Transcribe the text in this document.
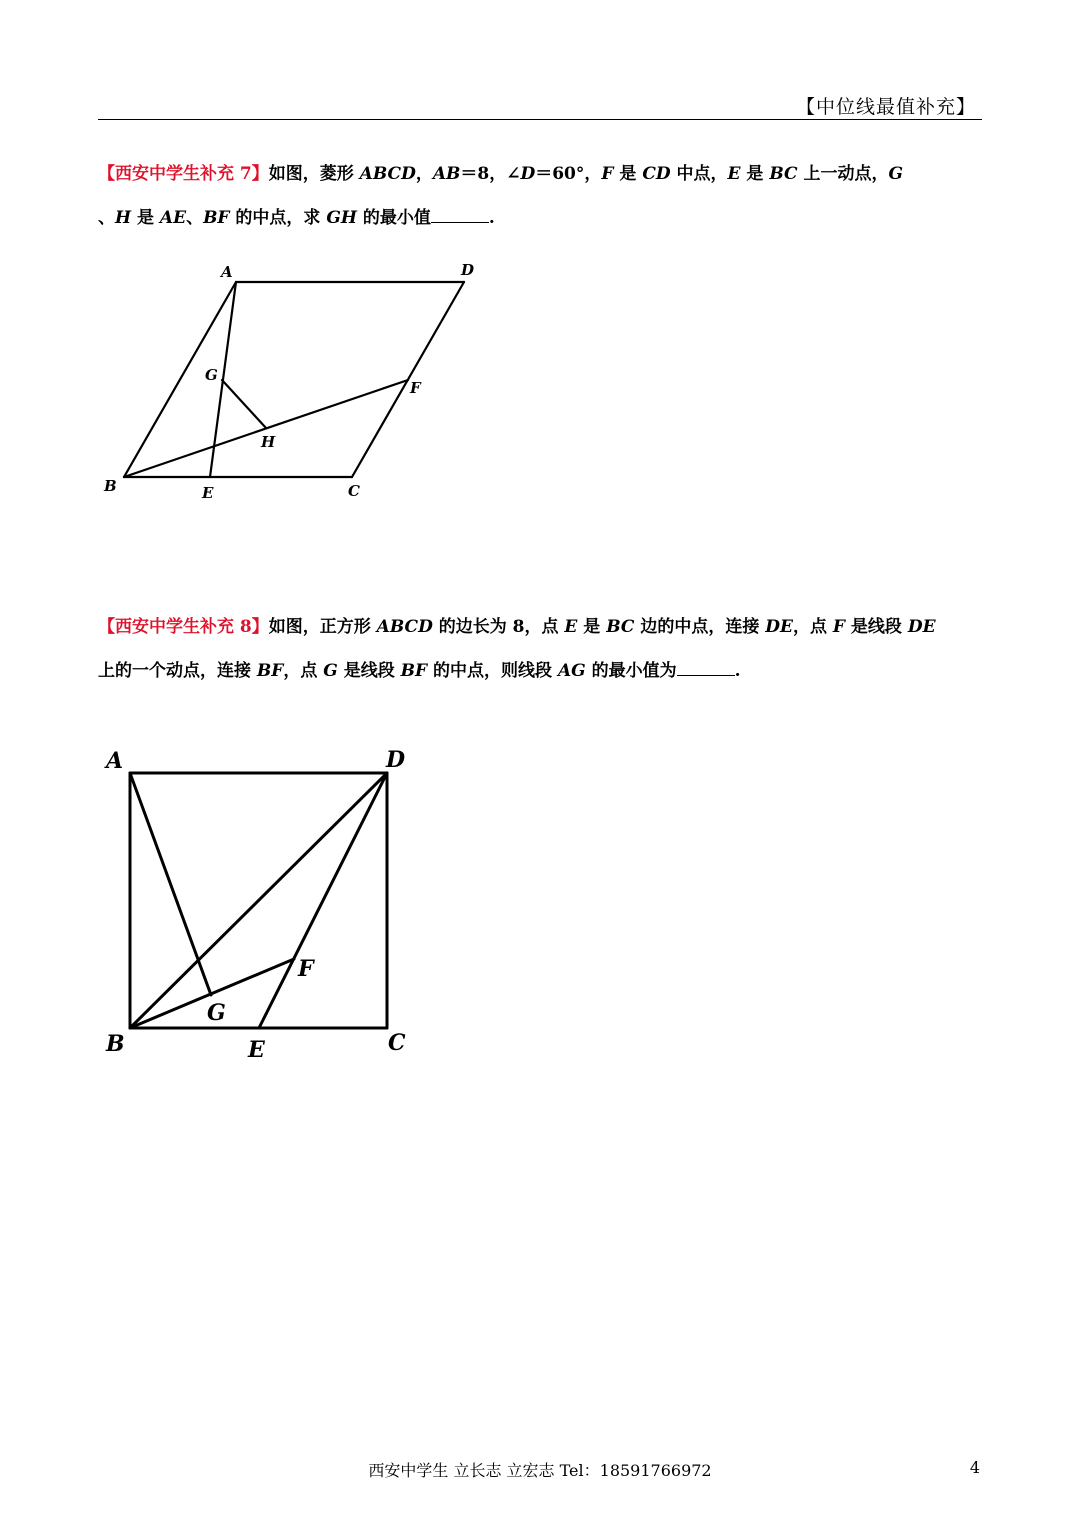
【中位线最值补充】
【西安中学生补充 7】如图，菱形 ABCD，AB＝8，∠D＝60°，F 是 CD 中点，E 是 BC 上一动点，G
、H 是 AE、BF 的中点，求 GH 的最小值	.
【西安中学生补充 8】如图，正方形 ABCD 的边长为 8，点 E 是 BC 边的中点，连接 DE，点 F 是线段 DE
上的一个动点，连接 BF，点 G 是线段 BF 的中点，则线段 AG 的最小值为	.
A	D
G
F
H
B	E	C
A	D
F
G
B	E	C
西安中学生 立长志 立宏志 Tel：18591766972	4
